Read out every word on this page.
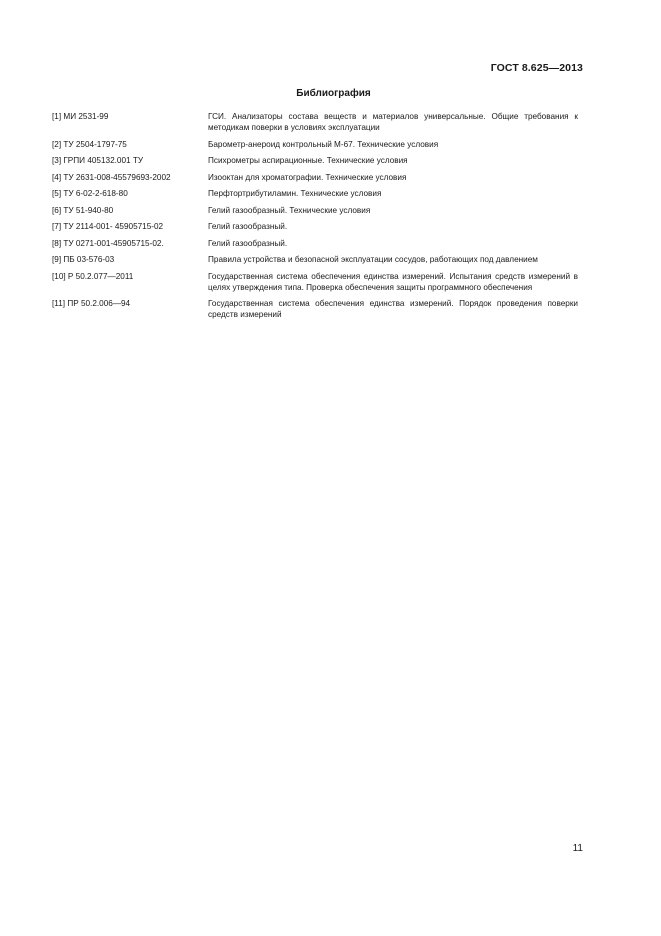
ГОСТ 8.625—2013
Библиография
[1] МИ 2531-99	ГСИ. Анализаторы состава веществ и материалов универсальные. Общие требования к методикам поверки в условиях эксплуатации
[2] ТУ 2504-1797-75	Барометр-анероид контрольный М-67. Технические условия
[3] ГРПИ 405132.001 ТУ	Психрометры аспирационные. Технические условия
[4] ТУ 2631-008-45579693-2002	Изооктан для хроматографии. Технические условия
[5] ТУ 6-02-2-618-80	Перфтортрибутиламин. Технические условия
[6] ТУ 51-940-80	Гелий газообразный. Технические условия
[7] ТУ 2114-001- 45905715-02	Гелий газообразный.
[8] ТУ 0271-001-45905715-02.	Гелий газообразный.
[9] ПБ 03-576-03	Правила устройства и безопасной эксплуатации сосудов, работающих под давлением
[10] Р 50.2.077—2011	Государственная система обеспечения единства измерений. Испытания средств измерений в целях утверждения типа. Проверка обеспечения защиты программного обеспечения
[11] ПР 50.2.006—94	Государственная система обеспечения единства измерений. Порядок проведения поверки средств измерений
11
